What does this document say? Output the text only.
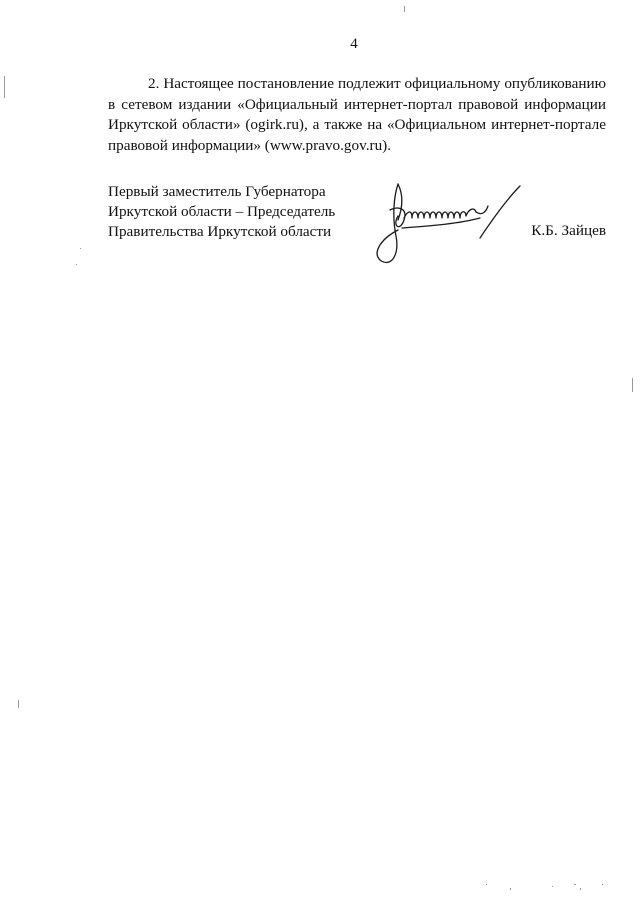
4

2. Настоящее постановление подлежит официальному опубликованию в сетевом издании «Официальный интернет-портал правовой информации Иркутской области» (ogirk.ru), а также на «Официальном интернет-портале правовой информации» (www.pravo.gov.ru).

Первый заместитель Губернатора
Иркутской области – Председатель
Правительства Иркутской области	К.Б. Зайцев
